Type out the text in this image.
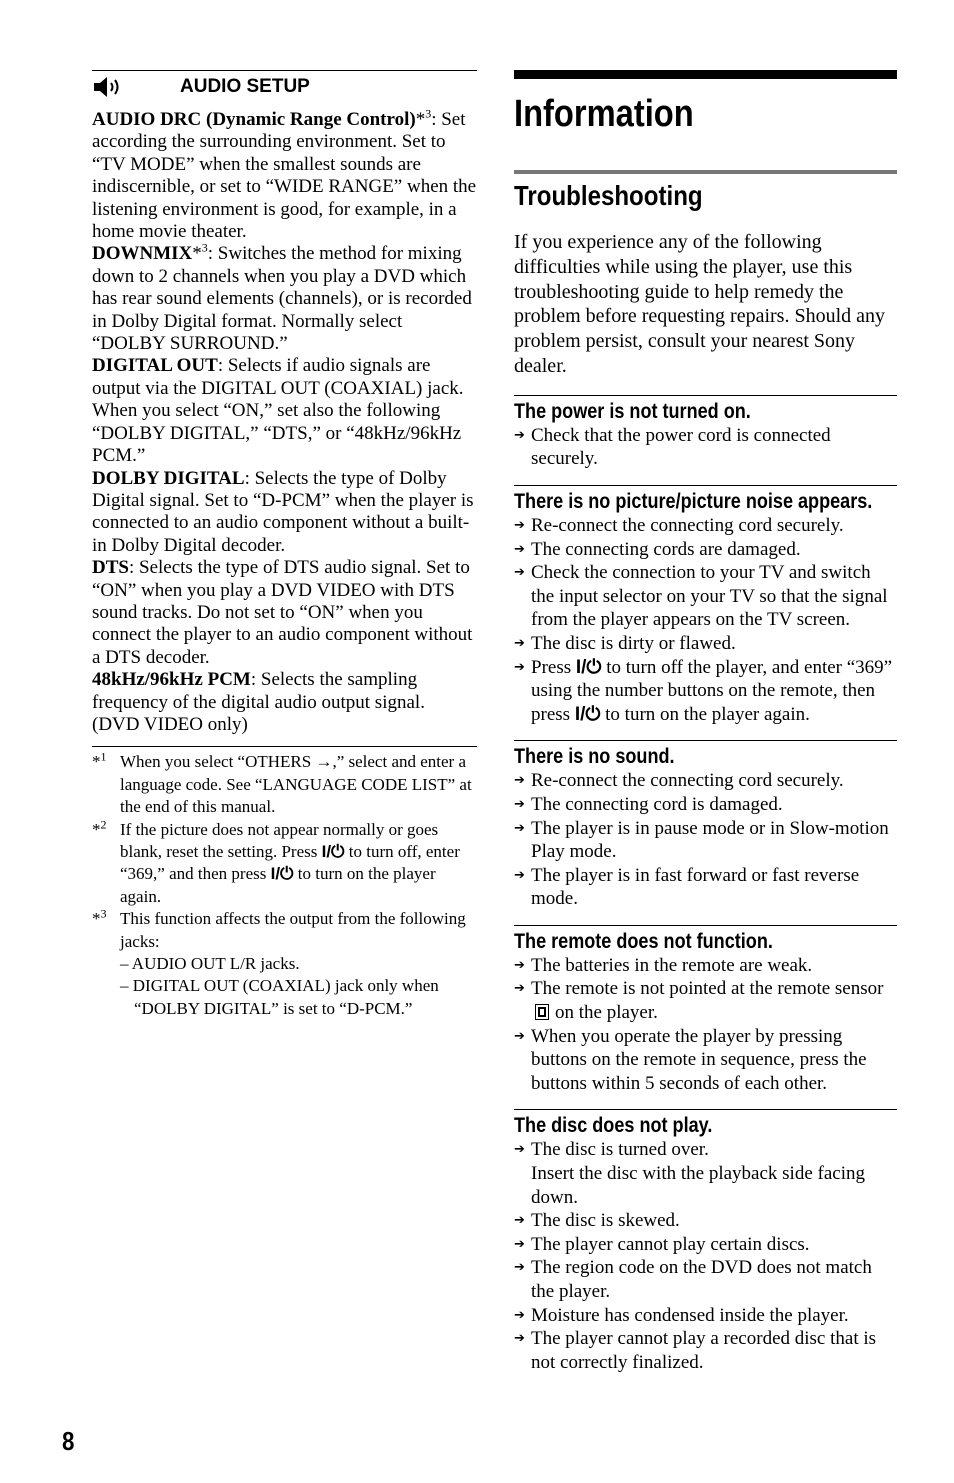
AUDIO SETUP

AUDIO DRC (Dynamic Range Control)*$^3$: Set according the surrounding environment. Set to “TV MODE” when the smallest sounds are indiscernible, or set to “WIDE RANGE” when the listening environment is good, for example, in a home movie theater.

DOWNMIX*$^3$: Switches the method for mixing down to 2 channels when you play a DVD which has rear sound elements (channels), or is recorded in Dolby Digital format. Normally select “DOLBY SURROUND.”

DIGITAL OUT: Selects if audio signals are output via the DIGITAL OUT (COAXIAL) jack. When you select “ON,” set also the following “DOLBY DIGITAL,” “DTS,” or “48kHz/96kHz PCM.”

DOLBY DIGITAL: Selects the type of Dolby Digital signal. Set to “D-PCM” when the player is connected to an audio component without a built-in Dolby Digital decoder.

DTS: Selects the type of DTS audio signal. Set to “ON” when you play a DVD VIDEO with DTS sound tracks. Do not set to “ON” when you connect the player to an audio component without a DTS decoder.

48kHz/96kHz PCM: Selects the sampling frequency of the digital audio output signal. (DVD VIDEO only)

*$^1$ When you select “OTHERS →,” select and enter a language code. See “LANGUAGE CODE LIST” at the end of this manual.
*$^2$ If the picture does not appear normally or goes blank, reset the setting. Press I/⏻ to turn off, enter “369,” and then press I/⏻ to turn on the player again.
*$^3$ This function affects the output from the following jacks:
– AUDIO OUT L/R jacks.
– DIGITAL OUT (COAXIAL) jack only when “DOLBY DIGITAL” is set to “D-PCM.”
Information
Troubleshooting

If you experience any of the following difficulties while using the player, use this troubleshooting guide to help remedy the problem before requesting repairs. Should any problem persist, consult your nearest Sony dealer.

The power is not turned on.
➔ Check that the power cord is connected securely.
There is no picture/picture noise appears.
➔ Re-connect the connecting cord securely.
➔ The connecting cords are damaged.
➔ Check the connection to your TV and switch the input selector on your TV so that the signal from the player appears on the TV screen.
➔ The disc is dirty or flawed.
➔ Press I/⏻ to turn off the player, and enter “369” using the number buttons on the remote, then press I/⏻ to turn on the player again.
There is no sound.
➔ Re-connect the connecting cord securely.
➔ The connecting cord is damaged.
➔ The player is in pause mode or in Slow-motion Play mode.
➔ The player is in fast forward or fast reverse mode.
The remote does not function.
➔ The batteries in the remote are weak.
➔ The remote is not pointed at the remote sensor
on the player.
➔ When you operate the player by pressing buttons on the remote in sequence, press the buttons within 5 seconds of each other.
The disc does not play.
➔ The disc is turned over.
Insert the disc with the playback side facing down.
➔ The disc is skewed.
➔ The player cannot play certain discs.
➔ The region code on the DVD does not match the player.
➔ Moisture has condensed inside the player.
➔ The player cannot play a recorded disc that is not correctly finalized.
8
